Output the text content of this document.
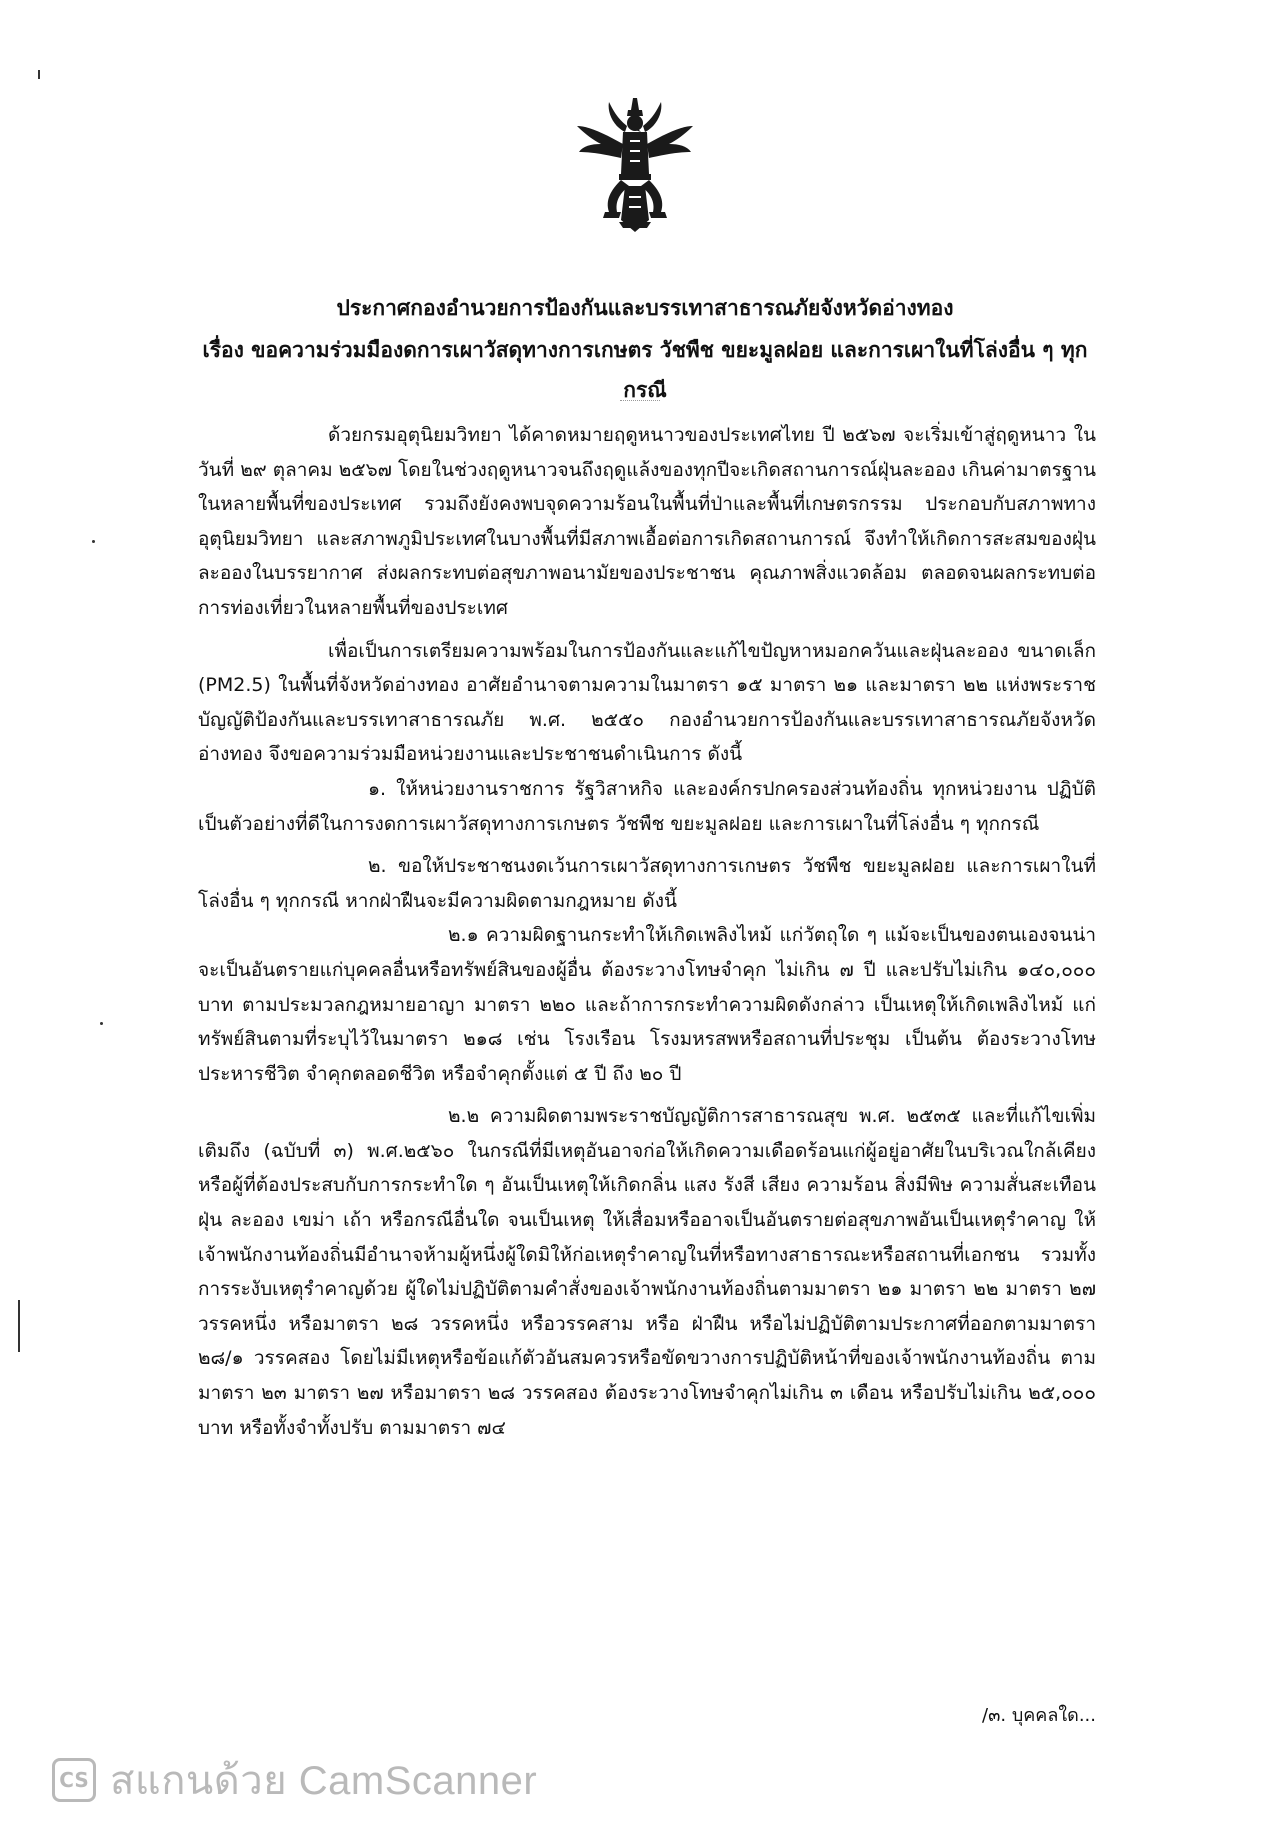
ประกาศกองอำนวยการป้องกันและบรรเทาสาธารณภัยจังหวัดอ่างทอง
เรื่อง ขอความร่วมมืองดการเผาวัสดุทางการเกษตร วัชพืช ขยะมูลฝอย และการเผาในที่โล่งอื่น ๆ ทุกกรณี

ด้วยกรมอุตุนิยมวิทยา ได้คาดหมายฤดูหนาวของประเทศไทย ปี ๒๕๖๗ จะเริ่มเข้าสู่ฤดูหนาว ในวันที่ ๒๙ ตุลาคม ๒๕๖๗ โดยในช่วงฤดูหนาวจนถึงฤดูแล้งของทุกปีจะเกิดสถานการณ์ฝุ่นละออง เกินค่ามาตรฐานในหลายพื้นที่ของประเทศ รวมถึงยังคงพบจุดความร้อนในพื้นที่ป่าและพื้นที่เกษตรกรรม ประกอบกับสภาพทางอุตุนิยมวิทยา และสภาพภูมิประเทศในบางพื้นที่มีสภาพเอื้อต่อการเกิดสถานการณ์ จึงทำให้เกิดการสะสมของฝุ่นละอองในบรรยากาศ ส่งผลกระทบต่อสุขภาพอนามัยของประชาชน คุณภาพสิ่งแวดล้อม ตลอดจนผลกระทบต่อการท่องเที่ยวในหลายพื้นที่ของประเทศ

เพื่อเป็นการเตรียมความพร้อมในการป้องกันและแก้ไขปัญหาหมอกควันและฝุ่นละออง ขนาดเล็ก (PM2.5) ในพื้นที่จังหวัดอ่างทอง อาศัยอำนาจตามความในมาตรา ๑๕ มาตรา ๒๑ และมาตรา ๒๒ แห่งพระราชบัญญัติป้องกันและบรรเทาสาธารณภัย พ.ศ. ๒๕๕๐ กองอำนวยการป้องกันและบรรเทาสาธารณภัยจังหวัดอ่างทอง จึงขอความร่วมมือหน่วยงานและประชาชนดำเนินการ ดังนี้

๑. ให้หน่วยงานราชการ รัฐวิสาหกิจ และองค์กรปกครองส่วนท้องถิ่น ทุกหน่วยงาน ปฏิบัติเป็นตัวอย่างที่ดีในการงดการเผาวัสดุทางการเกษตร วัชพืช ขยะมูลฝอย และการเผาในที่โล่งอื่น ๆ ทุกกรณี

๒. ขอให้ประชาชนงดเว้นการเผาวัสดุทางการเกษตร วัชพืช ขยะมูลฝอย และการเผาในที่โล่งอื่น ๆ ทุกกรณี หากฝ่าฝืนจะมีความผิดตามกฎหมาย ดังนี้

๒.๑ ความผิดฐานกระทำให้เกิดเพลิงไหม้ แก่วัตถุใด ๆ แม้จะเป็นของตนเองจนน่าจะเป็นอันตรายแก่บุคคลอื่นหรือทรัพย์สินของผู้อื่น ต้องระวางโทษจำคุก ไม่เกิน ๗ ปี และปรับไม่เกิน ๑๔๐,๐๐๐ บาท ตามประมวลกฎหมายอาญา มาตรา ๒๒๐ และถ้าการกระทำความผิดดังกล่าว เป็นเหตุให้เกิดเพลิงไหม้ แก่ทรัพย์สินตามที่ระบุไว้ในมาตรา ๒๑๘ เช่น โรงเรือน โรงมหรสพหรือสถานที่ประชุม เป็นต้น ต้องระวางโทษประหารชีวิต จำคุกตลอดชีวิต หรือจำคุกตั้งแต่ ๕ ปี ถึง ๒๐ ปี

๒.๒ ความผิดตามพระราชบัญญัติการสาธารณสุข พ.ศ. ๒๕๓๕ และที่แก้ไขเพิ่มเติมถึง (ฉบับที่ ๓) พ.ศ.๒๕๖๐ ในกรณีที่มีเหตุอันอาจก่อให้เกิดความเดือดร้อนแก่ผู้อยู่อาศัยในบริเวณใกล้เคียงหรือผู้ที่ต้องประสบกับการกระทำใด ๆ อันเป็นเหตุให้เกิดกลิ่น แสง รังสี เสียง ความร้อน สิ่งมีพิษ ความสั่นสะเทือน ฝุ่น ละออง เขม่า เถ้า หรือกรณีอื่นใด จนเป็นเหตุ ให้เสื่อมหรืออาจเป็นอันตรายต่อสุขภาพอันเป็นเหตุรำคาญ ให้เจ้าพนักงานท้องถิ่นมีอำนาจห้ามผู้หนึ่งผู้ใดมิให้ก่อเหตุรำคาญในที่หรือทางสาธารณะหรือสถานที่เอกชน รวมทั้งการระงับเหตุรำคาญด้วย ผู้ใดไม่ปฏิบัติตามคำสั่งของเจ้าพนักงานท้องถิ่นตามมาตรา ๒๑ มาตรา ๒๒ มาตรา ๒๗ วรรคหนึ่ง หรือมาตรา ๒๘ วรรคหนึ่ง หรือวรรคสาม หรือ ฝ่าฝืน หรือไม่ปฏิบัติตามประกาศที่ออกตามมาตรา ๒๘/๑ วรรคสอง โดยไม่มีเหตุหรือข้อแก้ตัวอันสมควรหรือขัดขวางการปฏิบัติหน้าที่ของเจ้าพนักงานท้องถิ่น ตามมาตรา ๒๓ มาตรา ๒๗ หรือมาตรา ๒๘ วรรคสอง ต้องระวางโทษจำคุกไม่เกิน ๓ เดือน หรือปรับไม่เกิน ๒๕,๐๐๐ บาท หรือทั้งจำทั้งปรับ ตามมาตรา ๗๔

/๓. บุคคลใด...
CS สแกนด้วย CamScanner
